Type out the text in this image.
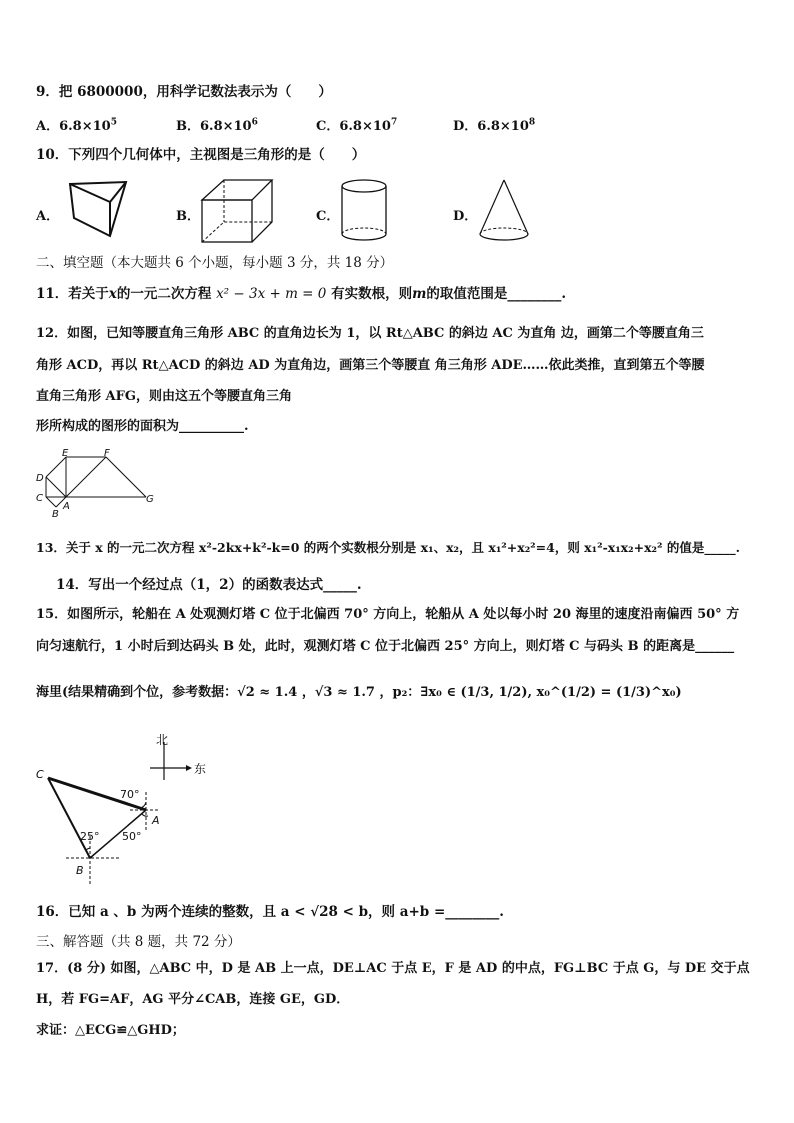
9．把 6800000，用科学记数法表示为（　　）
A．$6.8\times 10^5$	B．$6.8\times 10^6$	C．$6.8\times 10^7$	D．$6.8\times 10^8$
10．下列四个几何体中，主视图是三角形的是（　　）
A．	B．	C．	D．
二、填空题（本大题共 6 个小题，每小题 3 分，共 18 分）
11．若关于x的一元二次方程 x² − 3x + m = 0 有实数根，则m的取值范围是________.
12．如图，已知等腰直角三角形 ABC 的直角边长为 1，以 Rt△ABC 的斜边 AC 为直角 边，画第二个等腰直角三
角形 ACD，再以 Rt△ACD 的斜边 AD 为直角边，画第三个等腰直 角三角形 ADE……依此类推，直到第五个等腰
直角三角形 AFG，则由这五个等腰直角三角
形所构成的图形的面积为__________.
D
E	F
C
A
B
G
13．关于 x 的一元二次方程 x²-2kx+k²-k=0 的两个实数根分别是 x₁、x₂，且 x₁²+x₂²=4，则 x₁²-x₁x₂+x₂² 的值是_____.
14．写出一个经过点（1，2）的函数表达式_____.
15．如图所示，轮船在 A 处观测灯塔 C 位于北偏西 70° 方向上，轮船从 A 处以每小时 20 海里的速度沿南偏西 50° 方
向匀速航行，1 小时后到达码头 B 处，此时，观测灯塔 C 位于北偏西 25° 方向上，则灯塔 C 与码头 B 的距离是______
海里(结果精确到个位，参考数据：√2 ≈ 1.4 ，√3 ≈ 1.7 ，p₂：∃x₀ ∈ (1/3, 1/2), x₀^(1/2) = (1/3)^x₀)
北
东
C
A
B
70°
50°
25°
16．已知 a 、b 为两个连续的整数，且 a < √28 < b，则 a+b =________.
三、解答题（共 8 题，共 72 分）
17．(8 分) 如图，△ABC 中，D 是 AB 上一点，DE⊥AC 于点 E，F 是 AD 的中点，FG⊥BC 于点 G，与 DE 交于点
H，若 FG=AF，AG 平分∠CAB，连接 GE，GD．
求证：△ECG≌△GHD；
